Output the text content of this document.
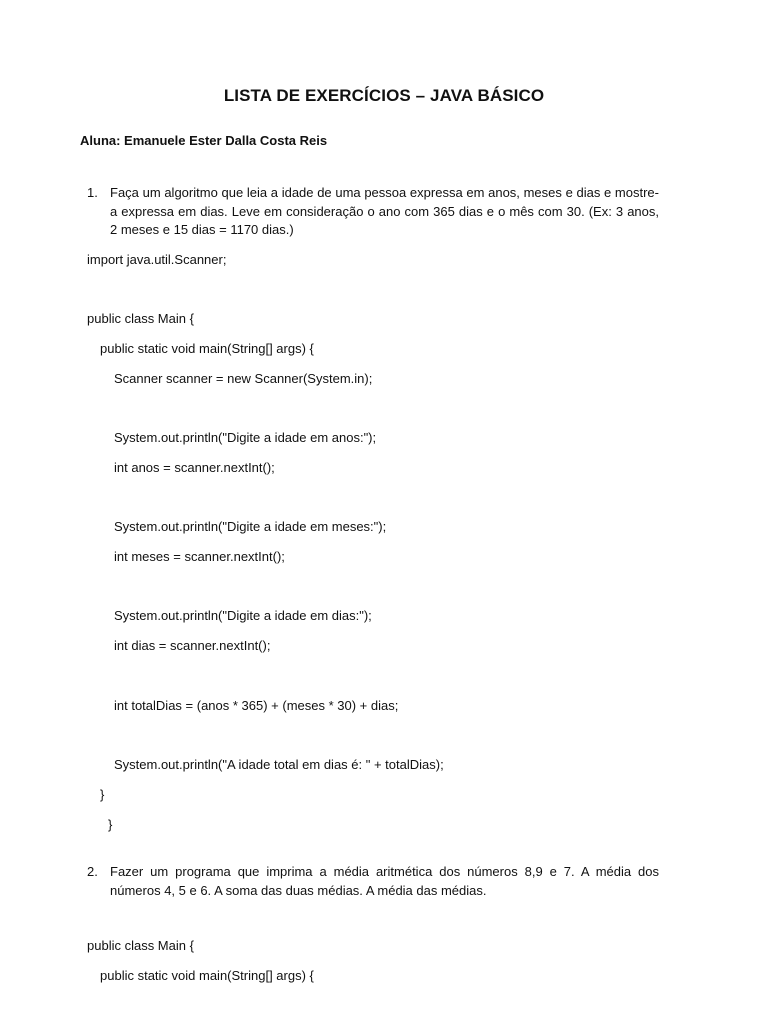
LISTA DE EXERCÍCIOS – JAVA BÁSICO
Aluna: Emanuele Ester Dalla Costa Reis
1. Faça um algoritmo que leia a idade de uma pessoa expressa em anos, meses e dias e mostre-a expressa em dias. Leve em consideração o ano com 365 dias e o mês com 30. (Ex: 3 anos, 2 meses e 15 dias = 1170 dias.)
import java.util.Scanner;
public class Main {
public static void main(String[] args) {
Scanner scanner = new Scanner(System.in);
System.out.println("Digite a idade em anos:");
int anos = scanner.nextInt();
System.out.println("Digite a idade em meses:");
int meses = scanner.nextInt();
System.out.println("Digite a idade em dias:");
int dias = scanner.nextInt();
int totalDias = (anos * 365) + (meses * 30) + dias;
System.out.println("A idade total em dias é: " + totalDias);
}
}
2. Fazer um programa que imprima a média aritmética dos números 8,9 e 7. A média dos números 4, 5 e 6. A soma das duas médias. A média das médias.
public class Main {
public static void main(String[] args) {
